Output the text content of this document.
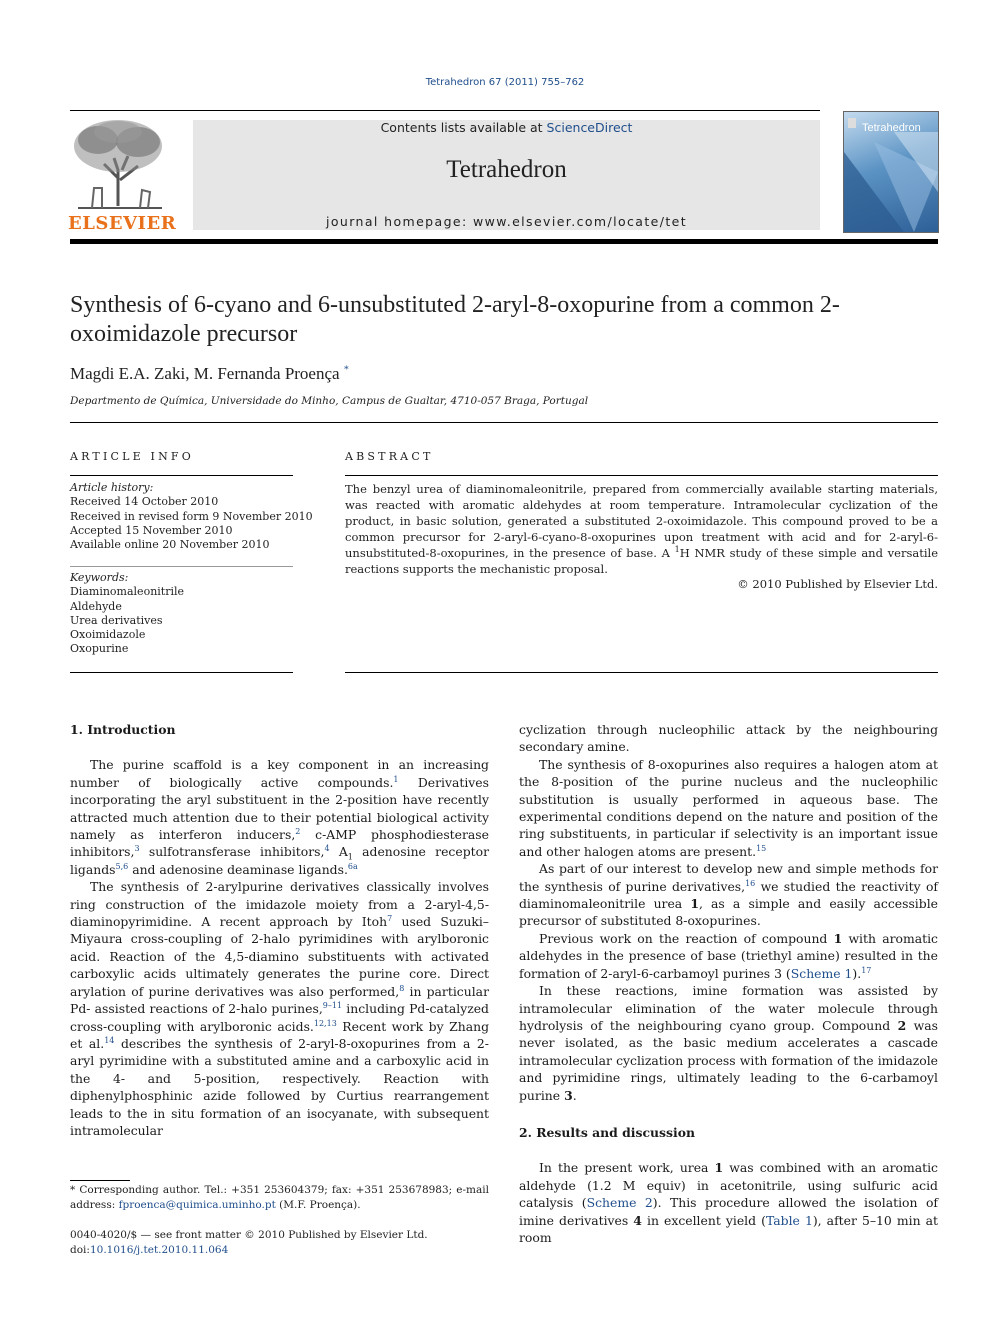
Tetrahedron 67 (2011) 755–762
ELSEVIER
Contents lists available at ScienceDirect
Tetrahedron
journal homepage: www.elsevier.com/locate/tet
Tetrahedron
Synthesis of 6-cyano and 6-unsubstituted 2-aryl-8-oxopurine from a common 2-oxoimidazole precursor
Magdi E.A. Zaki, M. Fernanda Proença *
Departmento de Química, Universidade do Minho, Campus de Gualtar, 4710-057 Braga, Portugal
ARTICLE INFO
Article history:
Received 14 October 2010
Received in revised form 9 November 2010
Accepted 15 November 2010
Available online 20 November 2010
Keywords:
Diaminomaleonitrile
Aldehyde
Urea derivatives
Oxoimidazole
Oxopurine
ABSTRACT
The benzyl urea of diaminomaleonitrile, prepared from commercially available starting materials, was reacted with aromatic aldehydes at room temperature. Intramolecular cyclization of the product, in basic solution, generated a substituted 2-oxoimidazole. This compound proved to be a common precursor for 2-aryl-6-cyano-8-oxopurines upon treatment with acid and for 2-aryl-6-unsubstituted-8-oxopurines, in the presence of base. A $^1$H NMR study of these simple and versatile reactions supports the mechanistic proposal.
© 2010 Published by Elsevier Ltd.
1. Introduction

The purine scaffold is a key component in an increasing number of biologically active compounds.$^1$ Derivatives incorporating the aryl substituent in the 2-position have recently attracted much attention due to their potential biological activity namely as interferon inducers,$^2$ c-AMP phosphodiesterase inhibitors,$^3$ sulfotransferase inhibitors,$^4$ $A_1$ adenosine receptor ligands$^{5,6}$ and adenosine deaminase ligands.$^{6a}$

The synthesis of 2-arylpurine derivatives classically involves ring construction of the imidazole moiety from a 2-aryl-4,5-diaminopyrimidine. A recent approach by Itoh$^7$ used Suzuki–Miyaura cross-coupling of 2-halo pyrimidines with arylboronic acid. Reaction of the 4,5-diamino substituents with activated carboxylic acids ultimately generates the purine core. Direct arylation of purine derivatives was also performed,$^8$ in particular Pd- assisted reactions of 2-halo purines,$^{9-11}$ including Pd-catalyzed cross-coupling with arylboronic acids.$^{12,13}$ Recent work by Zhang et al.$^{14}$ describes the synthesis of 2-aryl-8-oxopurines from a 2-aryl pyrimidine with a substituted amine and a carboxylic acid in the 4- and 5-position, respectively. Reaction with diphenylphosphinic azide followed by Curtius rearrangement leads to the in situ formation of an isocyanate, with subsequent intramolecular

cyclization through nucleophilic attack by the neighbouring secondary amine.

The synthesis of 8-oxopurines also requires a halogen atom at the 8-position of the purine nucleus and the nucleophilic substitution is usually performed in aqueous base. The experimental conditions depend on the nature and position of the ring substituents, in particular if selectivity is an important issue and other halogen atoms are present.$^{15}$

As part of our interest to develop new and simple methods for the synthesis of purine derivatives,$^{16}$ we studied the reactivity of diaminomaleonitrile urea 1, as a simple and easily accessible precursor of substituted 8-oxopurines.

Previous work on the reaction of compound 1 with aromatic aldehydes in the presence of base (triethyl amine) resulted in the formation of 2-aryl-6-carbamoyl purines 3 (Scheme 1).$^{17}$

In these reactions, imine formation was assisted by intramolecular elimination of the water molecule through hydrolysis of the neighbouring cyano group. Compound 2 was never isolated, as the basic medium accelerates a cascade intramolecular cyclization process with formation of the imidazole and pyrimidine rings, ultimately leading to the 6-carbamoyl purine 3.

2. Results and discussion

In the present work, urea 1 was combined with an aromatic aldehyde (1.2 M equiv) in acetonitrile, using sulfuric acid catalysis (Scheme 2). This procedure allowed the isolation of imine derivatives 4 in excellent yield (Table 1), after 5–10 min at room

* Corresponding author. Tel.: +351 253604379; fax: +351 253678983; e-mail address: fproenca@quimica.uminho.pt (M.F. Proença).
0040-4020/$ — see front matter © 2010 Published by Elsevier Ltd.
doi:10.1016/j.tet.2010.11.064
